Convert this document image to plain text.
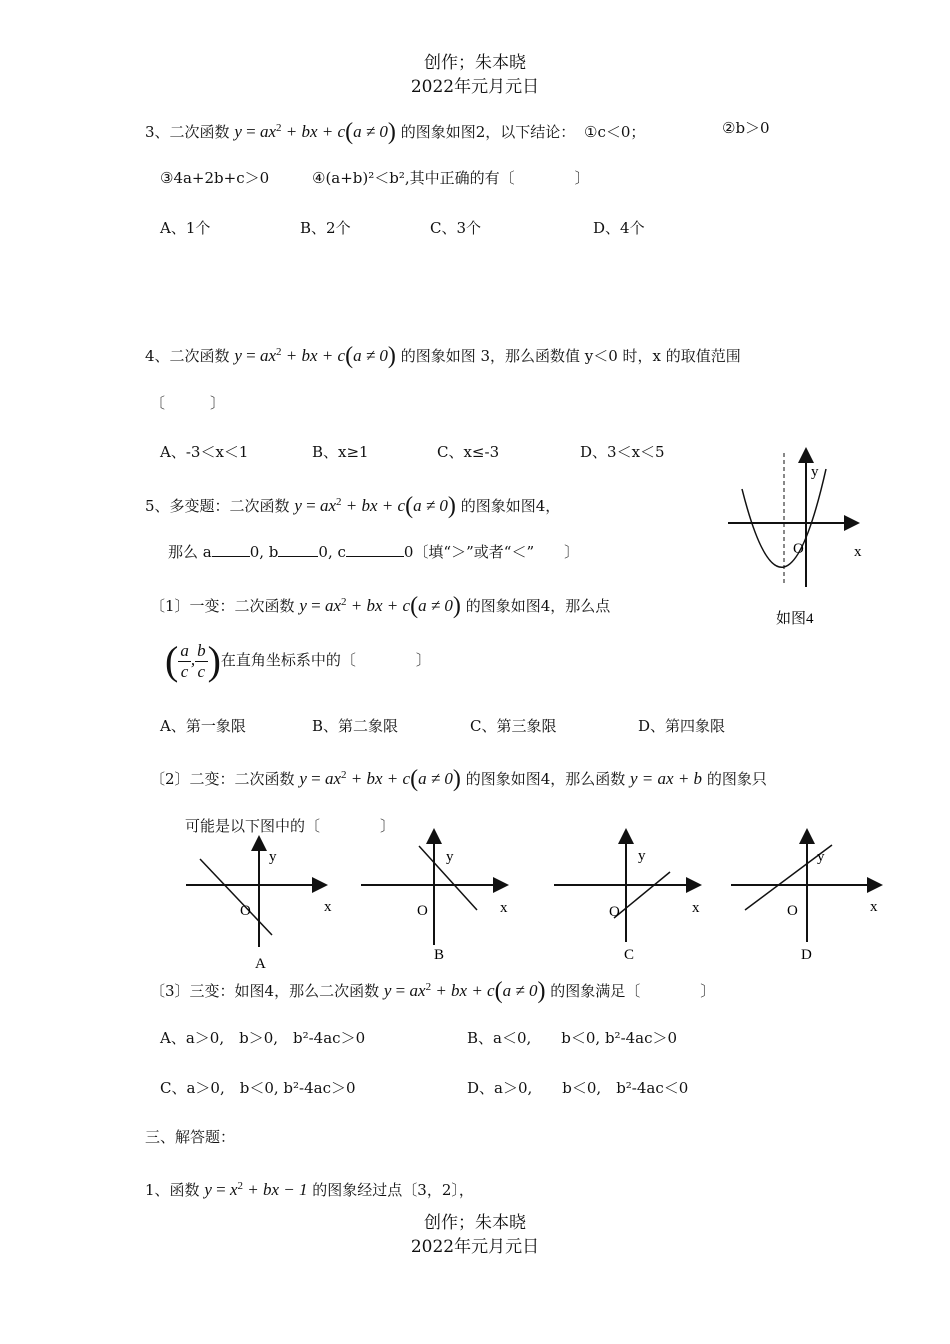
创作；朱本晓
2022年元月元日
3、二次函数 $y = ax^2$ + bx + c(a ≠ 0) 的图象如图2，以下结论： ①c＜0；	②b＞0
③4a+2b+c＞0	④(a+b)²＜b²,其中正确的有〔　　　　〕
A、1个	B、2个	C、3个	D、4个
4、二次函数 $y = ax^2$ + bx + c(a ≠ 0) 的图象如图 3，那么函数值 y＜0 时，x 的取值范围
〔　　　〕
A、-3＜x＜1	B、x≥1	C、x≤-3	D、3＜x＜5
5、多变题：二次函数 $y = ax^2$ + bx + c(a ≠ 0) 的图象如图4，
那么 a	0, b	0, c	0〔填“＞”或者“＜”　　〕
〔1〕一变：二次函数 $y = ax^2$ + bx + c(a ≠ 0) 的图象如图4，那么点
( $\frac{a}{c}$ , $\frac{b}{c}$ )在直角坐标系中的〔　　　　〕
A、第一象限	B、第二象限	C、第三象限	D、第四象限
〔2〕二变：二次函数 $y = ax^2$ + bx + c(a ≠ 0) 的图象如图4，那么函数 y = ax + b 的图象只
可能是以下图中的〔　　　　〕
y
O	x
如图4
y
O	x
A
y
O	x
B
y
O	x
C
y
O	x
D
〔3〕三变：如图4，那么二次函数 $y = ax^2$ + bx + c(a ≠ 0) 的图象满足〔　　　　〕
A、a＞0,　b＞0,　b²-4ac＞0	B、a＜0,　　b＜0, b²-4ac＞0
C、a＞0,　b＜0, b²-4ac＞0	D、a＞0,　　b＜0,　b²-4ac＜0
三、解答题：
1、函数 $y = x^2$ + bx − 1 的图象经过点〔3，2〕，
创作；朱本晓
2022年元月元日
